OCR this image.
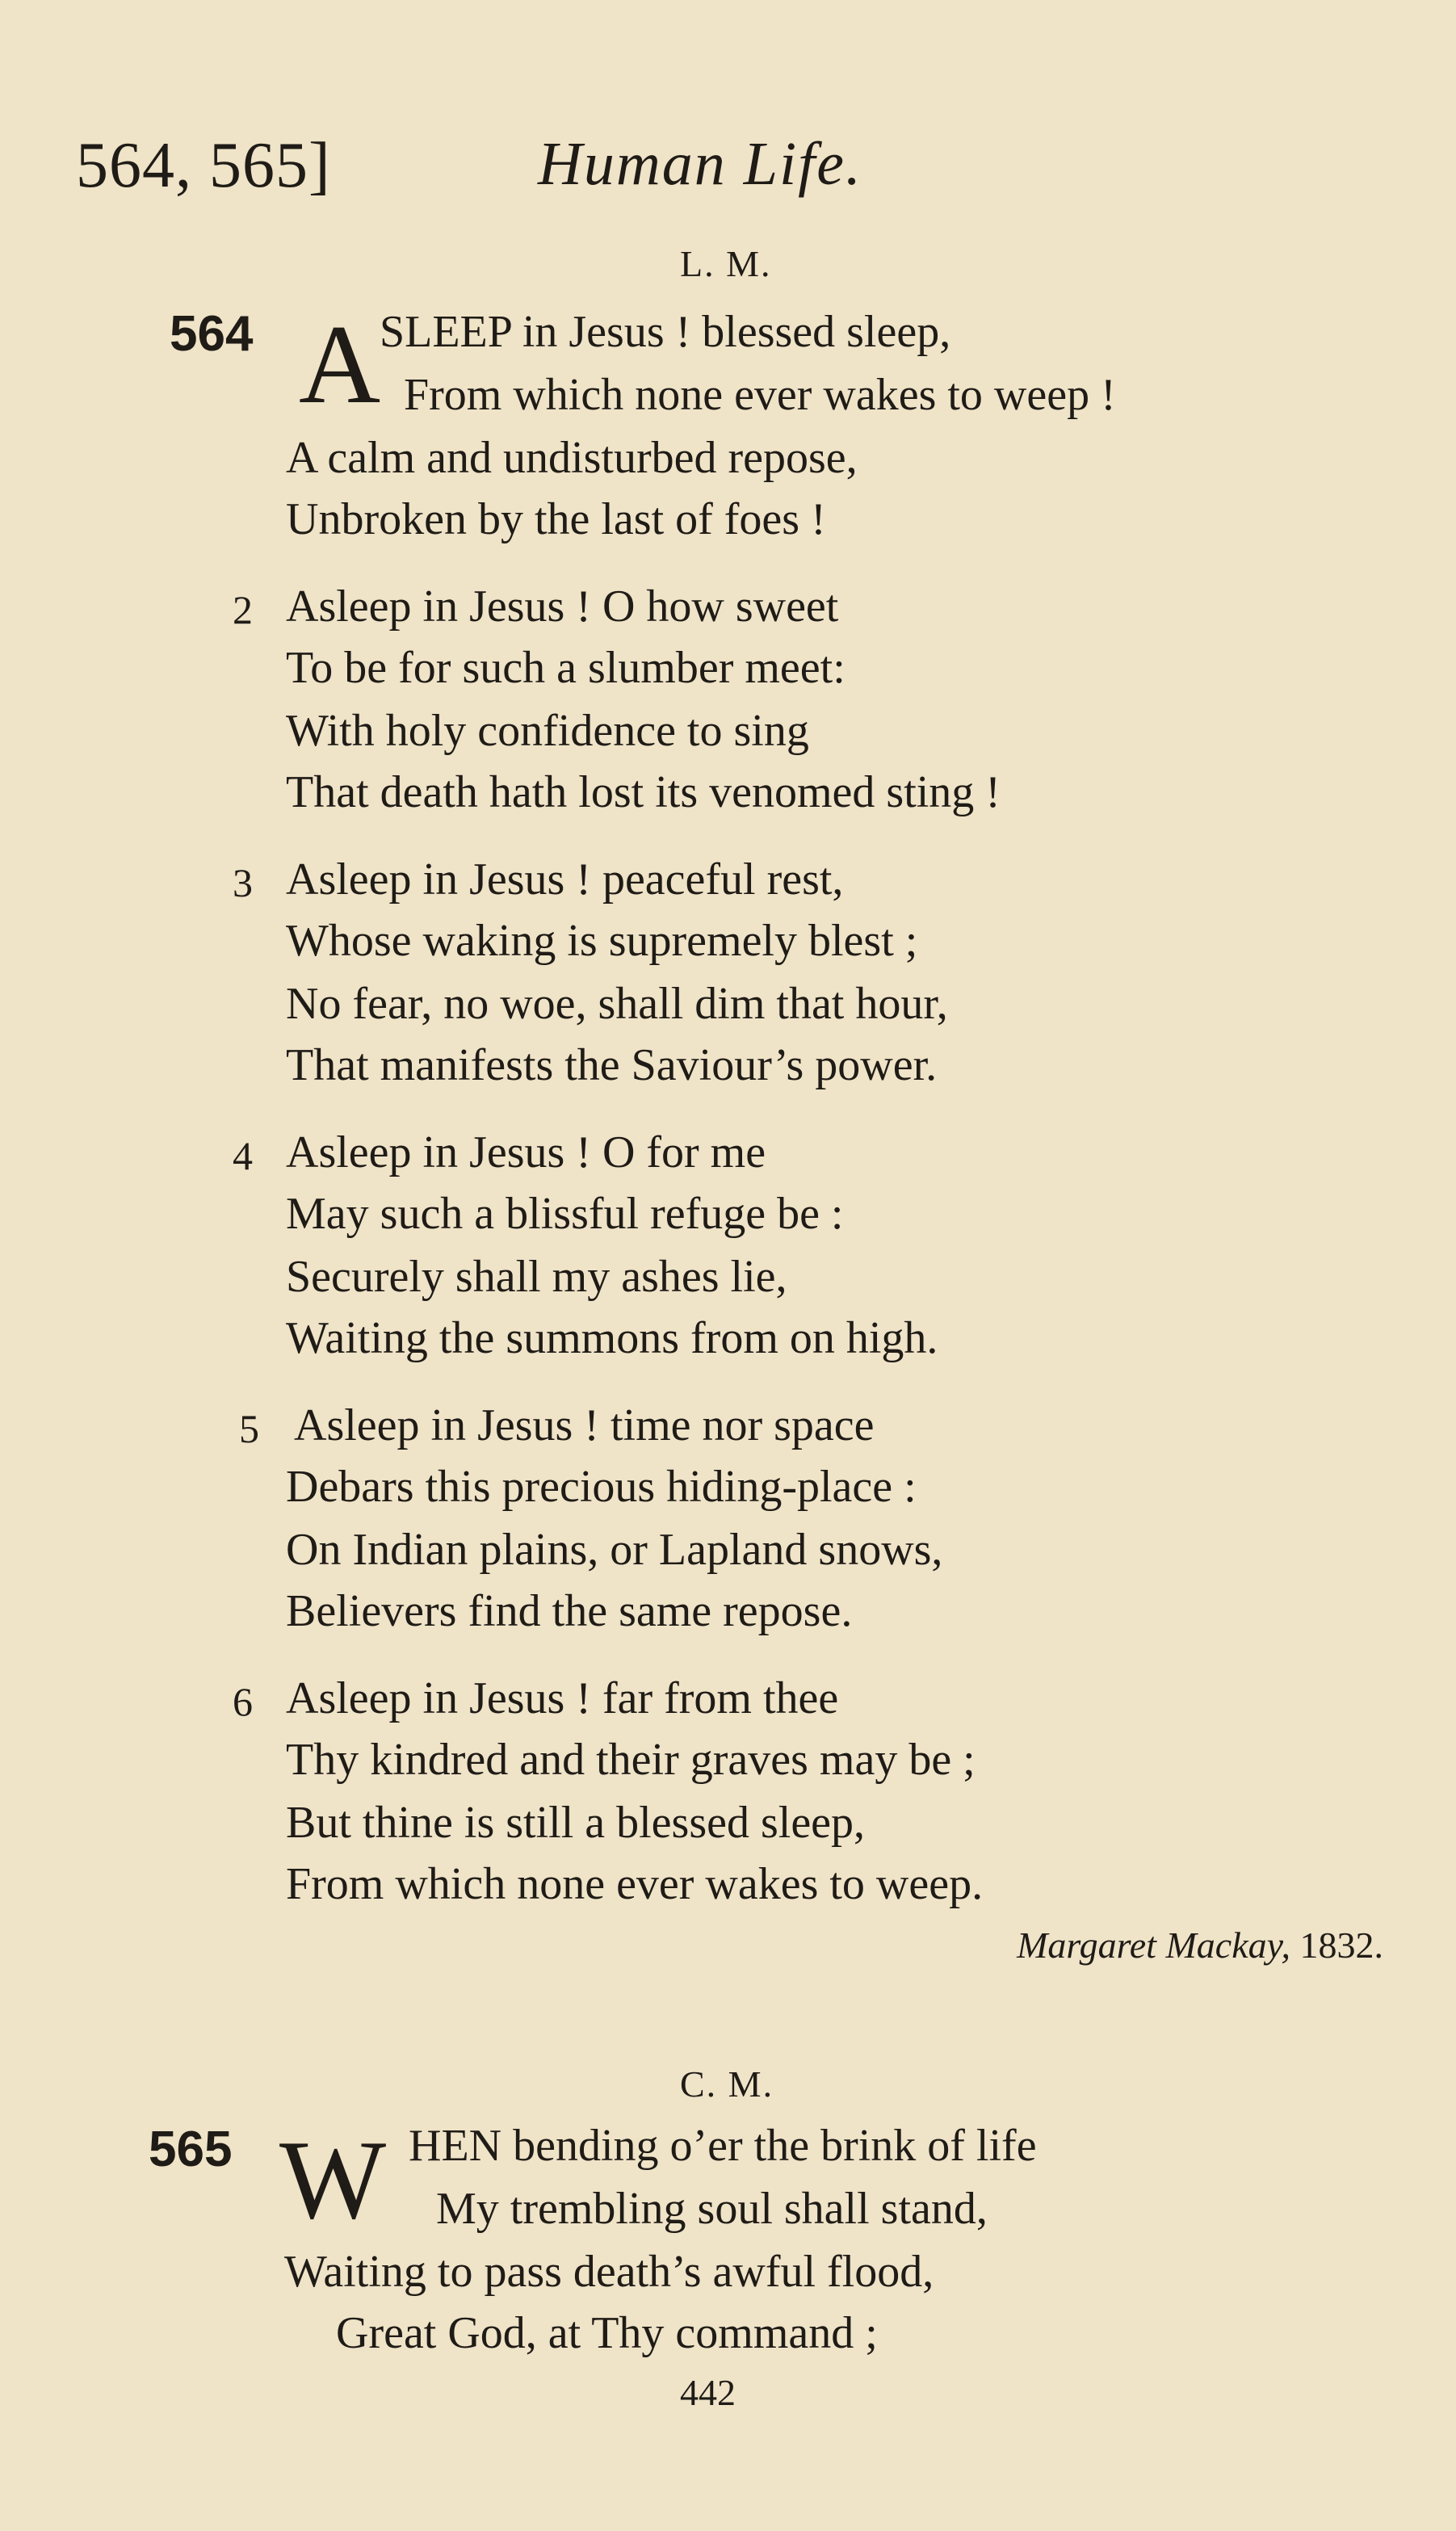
564, 565]	Human Life.
L. M.
564 A
SLEEP in Jesus ! blessed sleep,
From which none ever wakes to weep !
A calm and undisturbed repose,
Unbroken by the last of foes !
2 Asleep in Jesus ! O how sweet
To be for such a slumber meet:
With holy confidence to sing
That death hath lost its venomed sting !
3 Asleep in Jesus ! peaceful rest,
Whose waking is supremely blest ;
No fear, no woe, shall dim that hour,
That manifests the Saviour’s power.
4 Asleep in Jesus ! O for me
May such a blissful refuge be :
Securely shall my ashes lie,
Waiting the summons from on high.
5 Asleep in Jesus ! time nor space
Debars this precious hiding-place :
On Indian plains, or Lapland snows,
Believers find the same repose.
6 Asleep in Jesus ! far from thee
Thy kindred and their graves may be ;
But thine is still a blessed sleep,
From which none ever wakes to weep.
Margaret Mackay, 1832.
C. M.
565 W HEN bending o’er the brink of life
My trembling soul shall stand,
Waiting to pass death’s awful flood,
Great God, at Thy command ;
442
